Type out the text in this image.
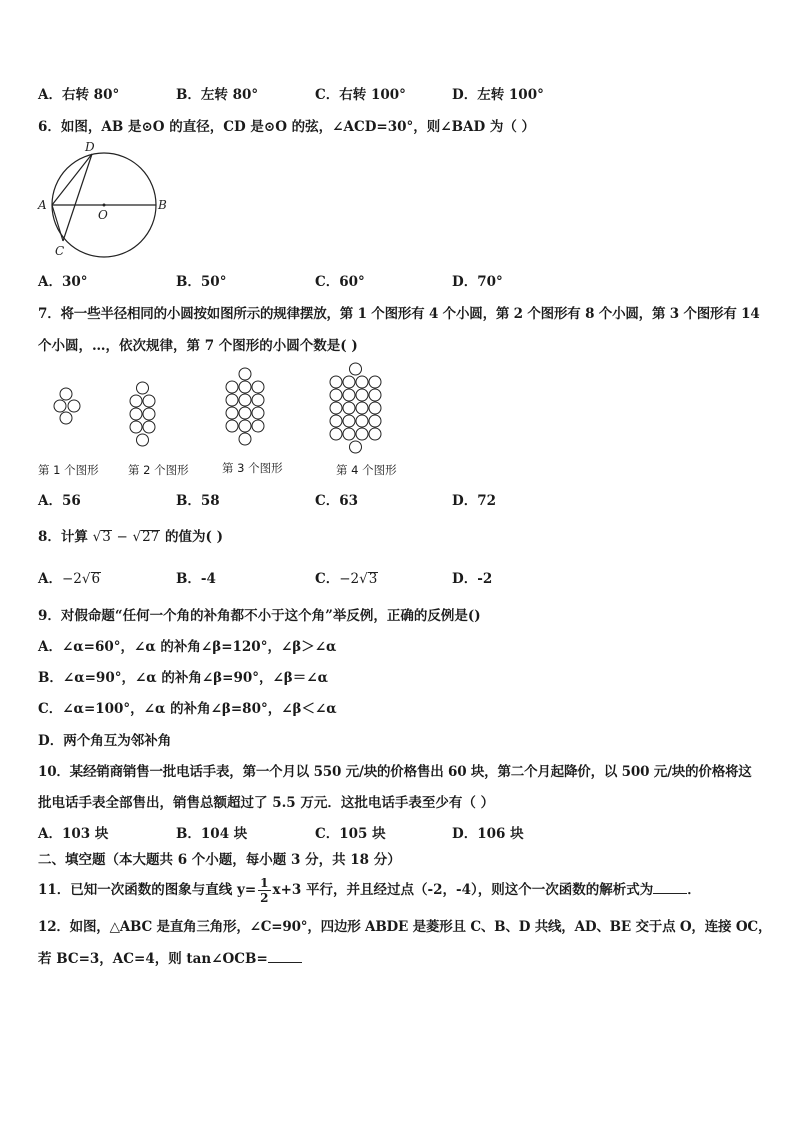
A．右转 80°	B．左转 80°	C．右转 100°	D．左转 100°
6．如图，AB 是⊙O 的直径，CD 是⊙O 的弦，∠ACD=30°，则∠BAD 为（ ）
A	B
C
D
O
A．30°	B．50°	C．60°	D．70°
7．将一些半径相同的小圆按如图所示的规律摆放，第 1 个图形有 4 个小圆，第 2 个图形有 8 个小圆，第 3 个图形有 14
个小圆，…，依次规律，第 7 个图形的小圆个数是( )
第 1 个图形	第 2 个图形	第 3 个图形	第 4 个图形
A．56	B．58	C．63	D．72
8．计算 √3 − √27 的值为( )
A．−2√6	B．-4	C．−2√3	D．-2
9．对假命题“任何一个角的补角都不小于这个角”举反例，正确的反例是()
A．∠α=60°，∠α 的补角∠β=120°，∠β＞∠α
B．∠α=90°，∠α 的补角∠β=90°，∠β＝∠α
C．∠α=100°，∠α 的补角∠β=80°，∠β＜∠α
D．两个角互为邻补角
10．某经销商销售一批电话手表，第一个月以 550 元/块的价格售出 60 块，第二个月起降价，以 500 元/块的价格将这
批电话手表全部售出，销售总额超过了 5.5 万元．这批电话手表至少有（ ）
A．103 块	B．104 块	C．105 块	D．106 块
二、填空题（本大题共 6 个小题，每小题 3 分，共 18 分）
11．已知一次函数的图象与直线 $y= \frac{1}{2} x+3$ 平行，并且经过点（-2，-4），则这个一次函数的解析式为	．
12．如图，△ABC 是直角三角形，∠C=90°，四边形 ABDE 是菱形且 C、B、D 共线，AD、BE 交于点 O，连接 OC，
若 BC=3，AC=4，则 tan∠OCB=
